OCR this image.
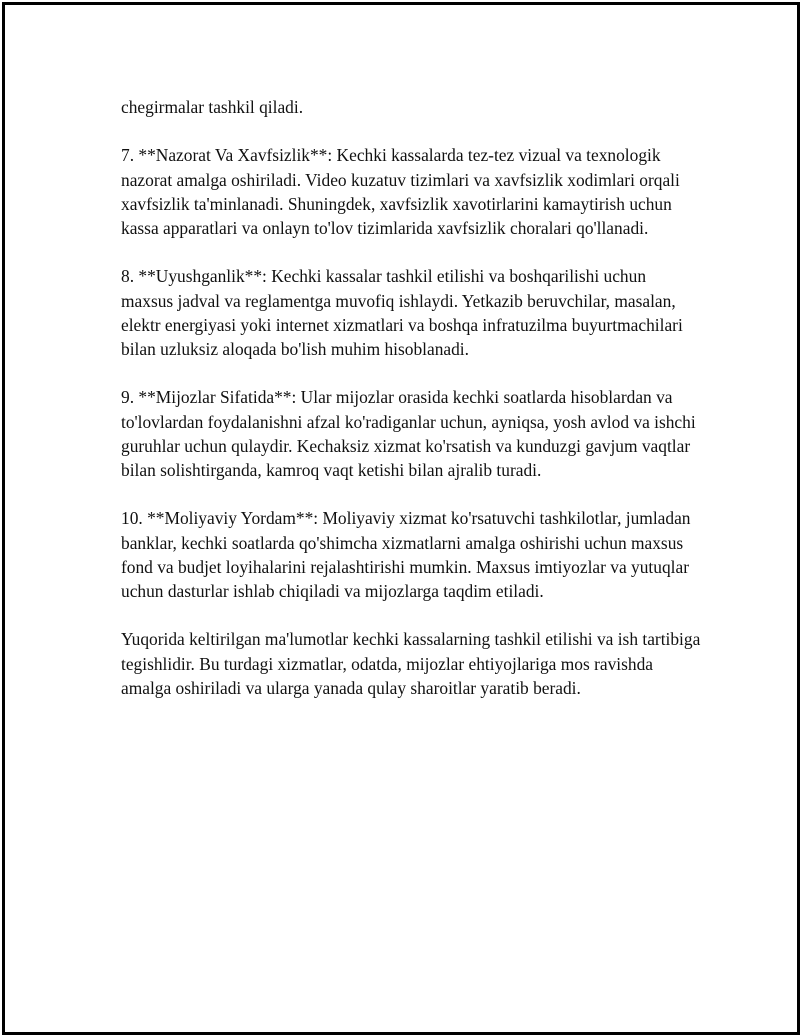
chegirmalar tashkil qiladi.

7. **Nazorat Va Xavfsizlik**: Kechki kassalarda tez-tez vizual va texnologik nazorat amalga oshiriladi. Video kuzatuv tizimlari va xavfsizlik xodimlari orqali xavfsizlik ta'minlanadi. Shuningdek, xavfsizlik xavotirlarini kamaytirish uchun kassa apparatlari va onlayn to'lov tizimlarida xavfsizlik choralari qo'llanadi.

8. **Uyushganlik**: Kechki kassalar tashkil etilishi va boshqarilishi uchun maxsus jadval va reglamentga muvofiq ishlaydi. Yetkazib beruvchilar, masalan, elektr energiyasi yoki internet xizmatlari va boshqa infratuzilma buyurtmachilari bilan uzluksiz aloqada bo'lish muhim hisoblanadi.

9. **Mijozlar Sifatida**: Ular mijozlar orasida kechki soatlarda hisoblardan va to'lovlardan foydalanishni afzal ko'radiganlar uchun, ayniqsa, yosh avlod va ishchi guruhlar uchun qulaydir. Kechaksiz xizmat ko'rsatish va kunduzgi gavjum vaqtlar bilan solishtirganda, kamroq vaqt ketishi bilan ajralib turadi.

10. **Moliyaviy Yordam**: Moliyaviy xizmat ko'rsatuvchi tashkilotlar, jumladan banklar, kechki soatlarda qo'shimcha xizmatlarni amalga oshirishi uchun maxsus fond va budjet loyihalarini rejalashtirishi mumkin. Maxsus imtiyozlar va yutuqlar uchun dasturlar ishlab chiqiladi va mijozlarga taqdim etiladi.

Yuqorida keltirilgan ma'lumotlar kechki kassalarning tashkil etilishi va ish tartibiga tegishlidir. Bu turdagi xizmatlar, odatda, mijozlar ehtiyojlariga mos ravishda amalga oshiriladi va ularga yanada qulay sharoitlar yaratib beradi.
